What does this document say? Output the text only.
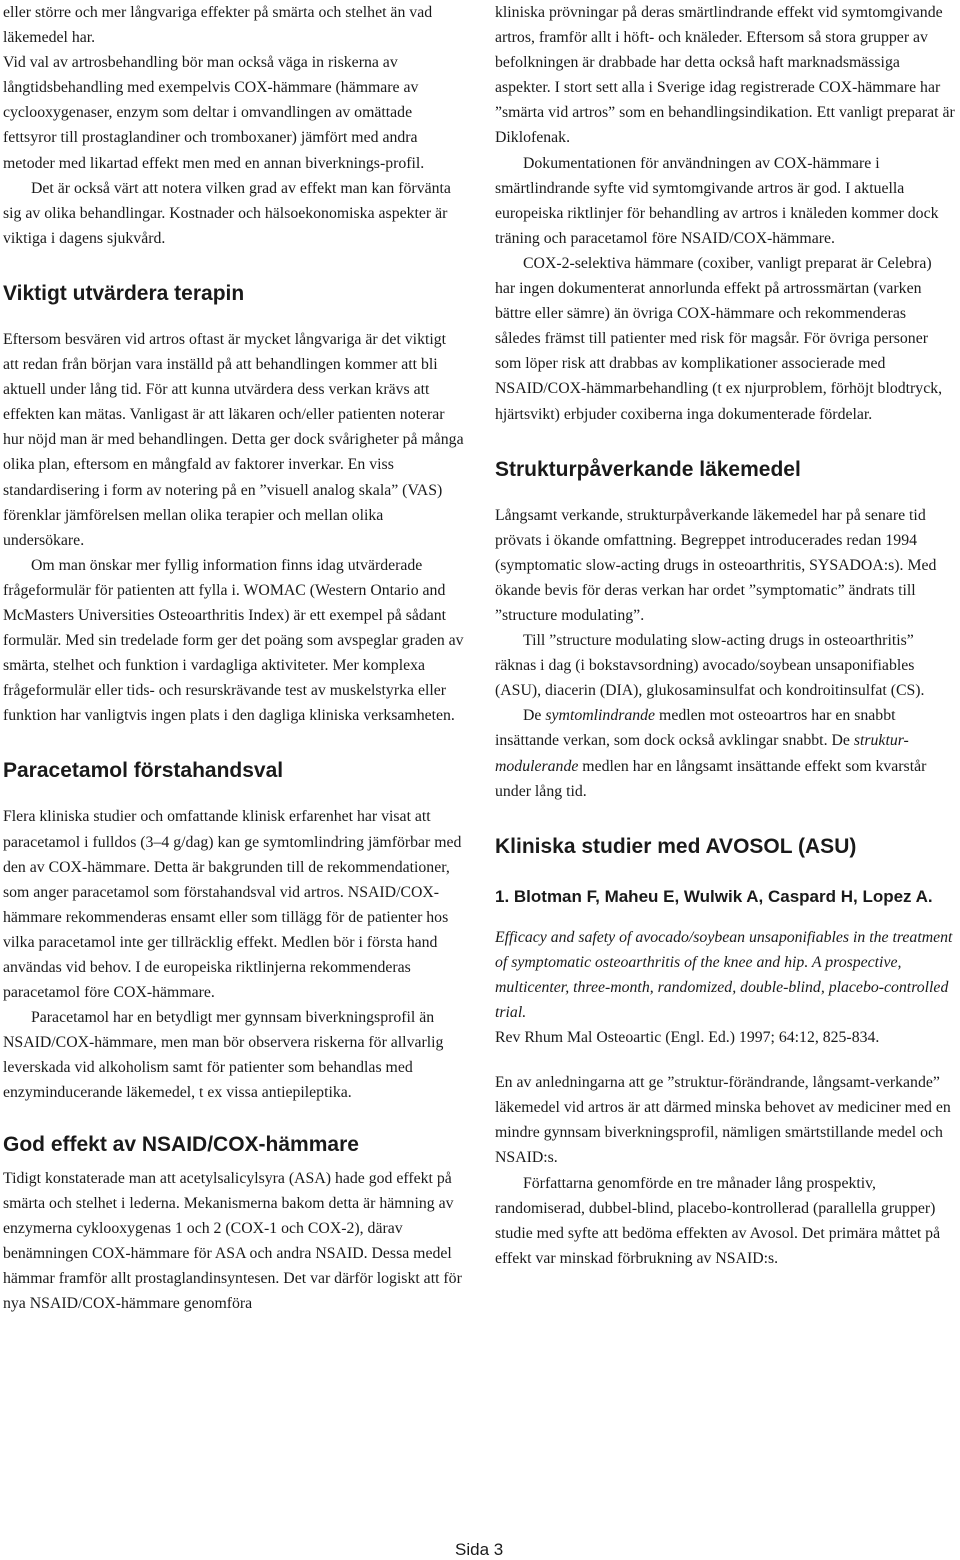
eller större och mer långvariga effekter på smärta och stelhet än vad läkemedel har.

Vid val av artrosbehandling bör man också väga in riskerna av långtidsbehandling med exempelvis COX-hämmare (hämmare av cyclooxygenaser, enzym som deltar i omvandlingen av omättade fettsyror till prostaglandiner och tromboxaner) jämfört med andra metoder med likartad effekt men med en annan biverknings-profil.

Det är också värt att notera vilken grad av effekt man kan förvänta sig av olika behandlingar. Kostnader och hälsoekonomiska aspekter är viktiga i dagens sjukvård.

Viktigt utvärdera terapin

Eftersom besvären vid artros oftast är mycket långvariga är det viktigt att redan från början vara inställd på att behandlingen kommer att bli aktuell under lång tid. För att kunna utvärdera dess verkan krävs att effekten kan mätas. Vanligast är att läkaren och/eller patienten noterar hur nöjd man är med behandlingen. Detta ger dock svårigheter på många olika plan, eftersom en mångfald av faktorer inverkar. En viss standardisering i form av notering på en ”visuell analog skala” (VAS) förenklar jämförelsen mellan olika terapier och mellan olika undersökare.

Om man önskar mer fyllig information finns idag utvärderade frågeformulär för patienten att fylla i. WOMAC (Western Ontario and McMasters Universities Osteoarthritis Index) är ett exempel på sådant formulär. Med sin tredelade form ger det poäng som avspeglar graden av smärta, stelhet och funktion i vardagliga aktiviteter. Mer komplexa frågeformulär eller tids- och resurskrävande test av muskelstyrka eller funktion har vanligtvis ingen plats i den dagliga kliniska verksamheten.

Paracetamol förstahandsval

Flera kliniska studier och omfattande klinisk erfarenhet har visat att paracetamol i fulldos (3–4 g/dag) kan ge symtomlindring jämförbar med den av COX-hämmare. Detta är bakgrunden till de rekommendationer, som anger paracetamol som förstahandsval vid artros. NSAID/COX-hämmare rekommenderas ensamt eller som tillägg för de patienter hos vilka paracetamol inte ger tillräcklig effekt. Medlen bör i första hand användas vid behov. I de europeiska riktlinjerna rekommenderas paracetamol före COX-hämmare.

Paracetamol har en betydligt mer gynnsam biverkningsprofil än NSAID/COX-hämmare, men man bör observera riskerna för allvarlig leverskada vid alkoholism samt för patienter som behandlas med enzyminducerande läkemedel, t ex vissa antiepileptika.

God effekt av NSAID/COX-hämmare

Tidigt konstaterade man att acetylsalicylsyra (ASA) hade god effekt på smärta och stelhet i lederna. Mekanismerna bakom detta är hämning av enzymerna cyklooxygenas 1 och 2 (COX-1 och COX-2), därav benämningen COX-hämmare för ASA och andra NSAID. Dessa medel hämmar framför allt prostaglandinsyntesen. Det var därför logiskt att för nya NSAID/COX-hämmare genomföra

kliniska prövningar på deras smärtlindrande effekt vid symtomgivande artros, framför allt i höft- och knäleder. Eftersom så stora grupper av befolkningen är drabbade har detta också haft marknadsmässiga aspekter. I stort sett alla i Sverige idag registrerade COX-hämmare har ”smärta vid artros” som en behandlingsindikation. Ett vanligt preparat är Diklofenak.

Dokumentationen för användningen av COX-hämmare i smärtlindrande syfte vid symtomgivande artros är god. I aktuella europeiska riktlinjer för behandling av artros i knäleden kommer dock träning och paracetamol före NSAID/COX-hämmare.

COX-2-selektiva hämmare (coxiber, vanligt preparat är Celebra) har ingen dokumenterat annorlunda effekt på artrossmärtan (varken bättre eller sämre) än övriga COX-hämmare och rekommenderas således främst till patienter med risk för magsår. För övriga personer som löper risk att drabbas av komplikationer associerade med NSAID/COX-hämmarbehandling (t ex njurproblem, förhöjt blodtryck, hjärtsvikt) erbjuder coxiberna inga dokumenterade fördelar.

Strukturpåverkande läkemedel

Långsamt verkande, strukturpåverkande läkemedel har på senare tid prövats i ökande omfattning. Begreppet introducerades redan 1994 (symptomatic slow-acting drugs in osteoarthritis, SYSADOA:s). Med ökande bevis för deras verkan har ordet ”symptomatic” ändrats till ”structure modulating”.

Till ”structure modulating slow-acting drugs in osteoarthritis” räknas i dag (i bokstavsordning) avocado/soybean unsaponifiables (ASU), diacerin (DIA), glukosaminsulfat och kondroitinsulfat (CS).

De symtomlindrande medlen mot osteoartros har en snabbt insättande verkan, som dock också avklingar snabbt. De struktur-modulerande medlen har en långsamt insättande effekt som kvarstår under lång tid.

Kliniska studier med AVOSOL (ASU)
1. Blotman F, Maheu E, Wulwik A, Caspard H, Lopez A.

Efficacy and safety of avocado/soybean unsaponifiables in the treatment of symptomatic osteoarthritis of the knee and hip. A prospective, multicenter, three-month, randomized, double-blind, placebo-controlled trial.

Rev Rhum Mal Osteoartic (Engl. Ed.) 1997; 64:12, 825-834.

En av anledningarna att ge ”struktur-förändrande, långsamt-verkande” läkemedel vid artros är att därmed minska behovet av mediciner med en mindre gynnsam biverkningsprofil, nämligen smärtstillande medel och NSAID:s.

Författarna genomförde en tre månader lång prospektiv, randomiserad, dubbel-blind, placebo-kontrollerad (parallella grupper) studie med syfte att bedöma effekten av Avosol. Det primära måttet på effekt var minskad förbrukning av NSAID:s.

Sida 3
